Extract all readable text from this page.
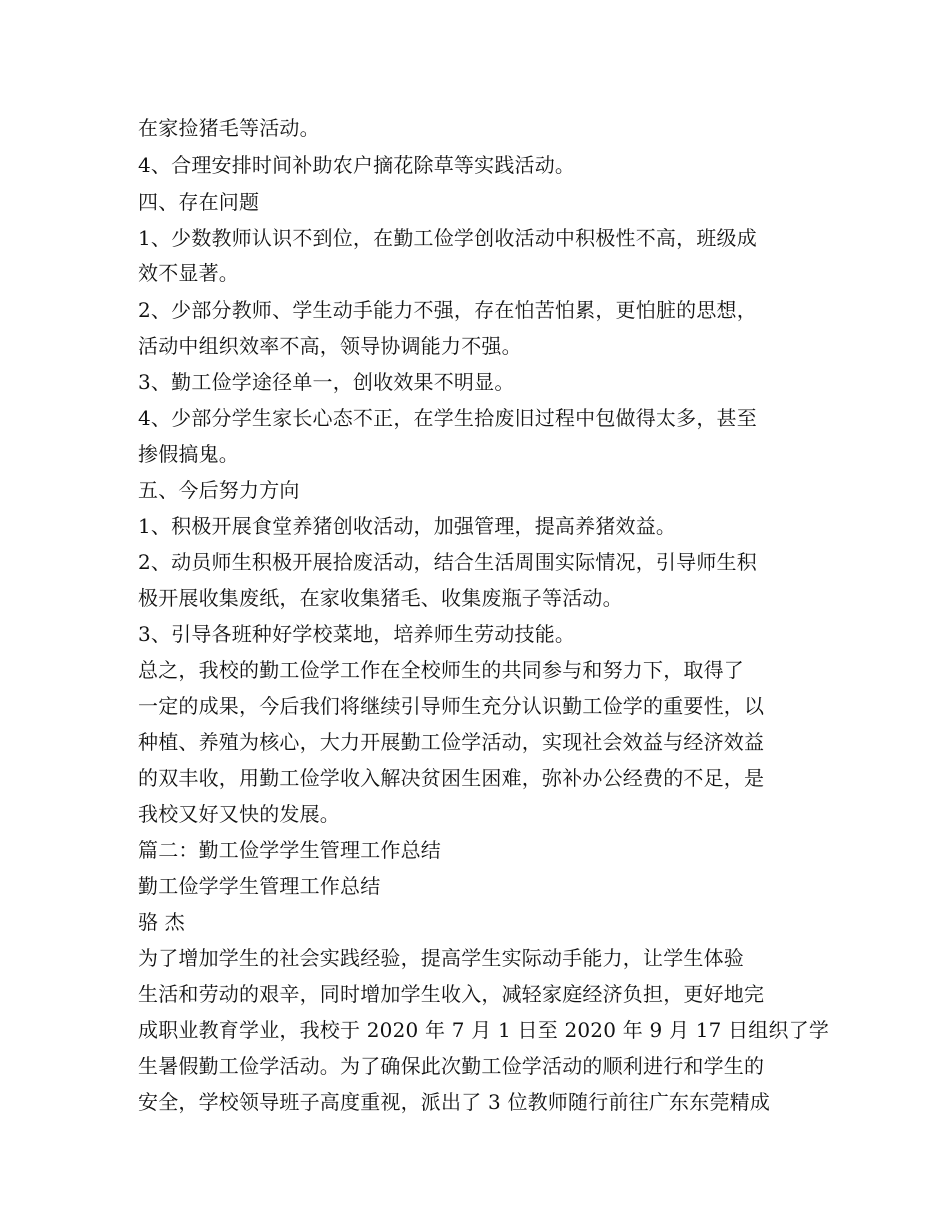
在家捡猪毛等活动。
4、合理安排时间补助农户摘花除草等实践活动。
四、存在问题
1、少数教师认识不到位，在勤工俭学创收活动中积极性不高，班级成
效不显著。
2、少部分教师、学生动手能力不强，存在怕苦怕累，更怕脏的思想，
活动中组织效率不高，领导协调能力不强。
3、勤工俭学途径单一，创收效果不明显。
4、少部分学生家长心态不正，在学生拾废旧过程中包做得太多，甚至
掺假搞鬼。
五、今后努力方向
1、积极开展食堂养猪创收活动，加强管理，提高养猪效益。
2、动员师生积极开展拾废活动，结合生活周围实际情况，引导师生积
极开展收集废纸，在家收集猪毛、收集废瓶子等活动。
3、引导各班种好学校菜地，培养师生劳动技能。
总之，我校的勤工俭学工作在全校师生的共同参与和努力下，取得了
一定的成果，今后我们将继续引导师生充分认识勤工俭学的重要性，以
种植、养殖为核心，大力开展勤工俭学活动，实现社会效益与经济效益
的双丰收，用勤工俭学收入解决贫困生困难，弥补办公经费的不足，是
我校又好又快的发展。
篇二：勤工俭学学生管理工作总结
勤工俭学学生管理工作总结
骆 杰
为了增加学生的社会实践经验，提高学生实际动手能力，让学生体验
生活和劳动的艰辛，同时增加学生收入，减轻家庭经济负担，更好地完
成职业教育学业，我校于 2020 年 7 月 1 日至 2020 年 9 月 17 日组织了学
生暑假勤工俭学活动。为了确保此次勤工俭学活动的顺利进行和学生的
安全，学校领导班子高度重视，派出了 3 位教师随行前往广东东莞精成
